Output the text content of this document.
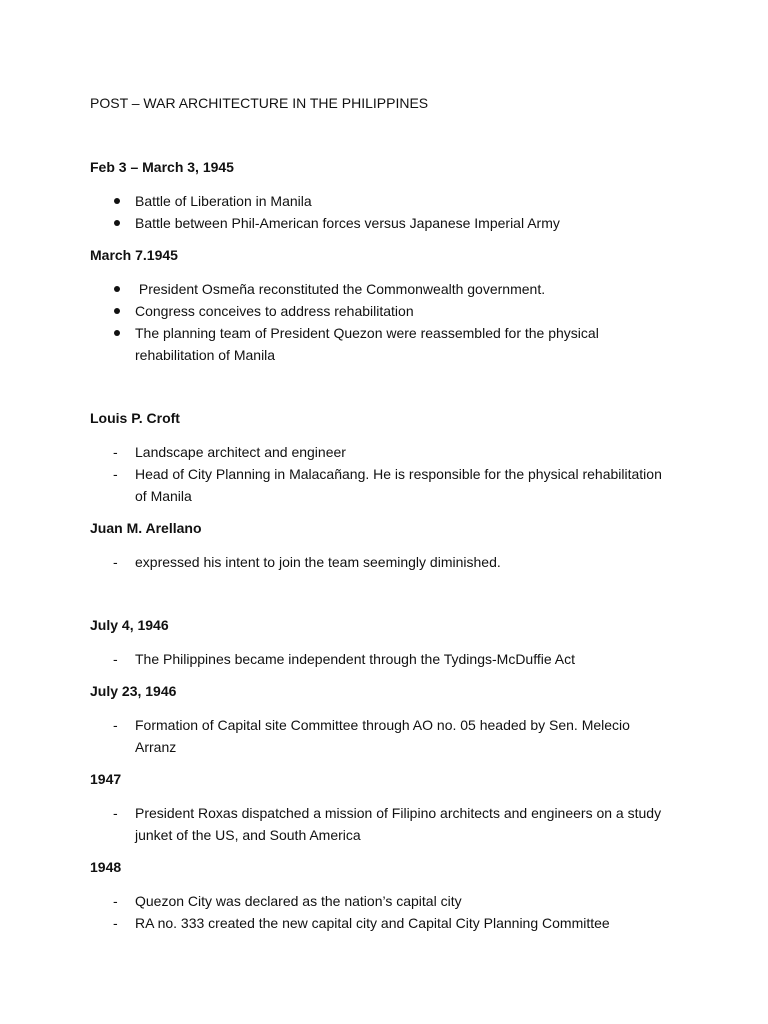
POST – WAR ARCHITECTURE IN THE PHILIPPINES
Feb 3 – March 3, 1945
Battle of Liberation in Manila
Battle between Phil-American forces versus Japanese Imperial Army
March 7.1945
President Osmeña reconstituted the Commonwealth government.
Congress conceives to address rehabilitation
The planning team of President Quezon were reassembled for the physical rehabilitation of Manila
Louis P. Croft
-	Landscape architect and engineer
-	Head of City Planning in Malacañang. He is responsible for the physical rehabilitation of Manila
Juan M. Arellano
-	expressed his intent to join the team seemingly diminished.
July 4, 1946
-	The Philippines became independent through the Tydings-McDuffie Act
July 23, 1946
-	Formation of Capital site Committee through AO no. 05 headed by Sen. Melecio Arranz
1947
-	President Roxas dispatched a mission of Filipino architects and engineers on a study junket of the US, and South America
1948
-	Quezon City was declared as the nation’s capital city
-	RA no. 333 created the new capital city and Capital City Planning Committee
